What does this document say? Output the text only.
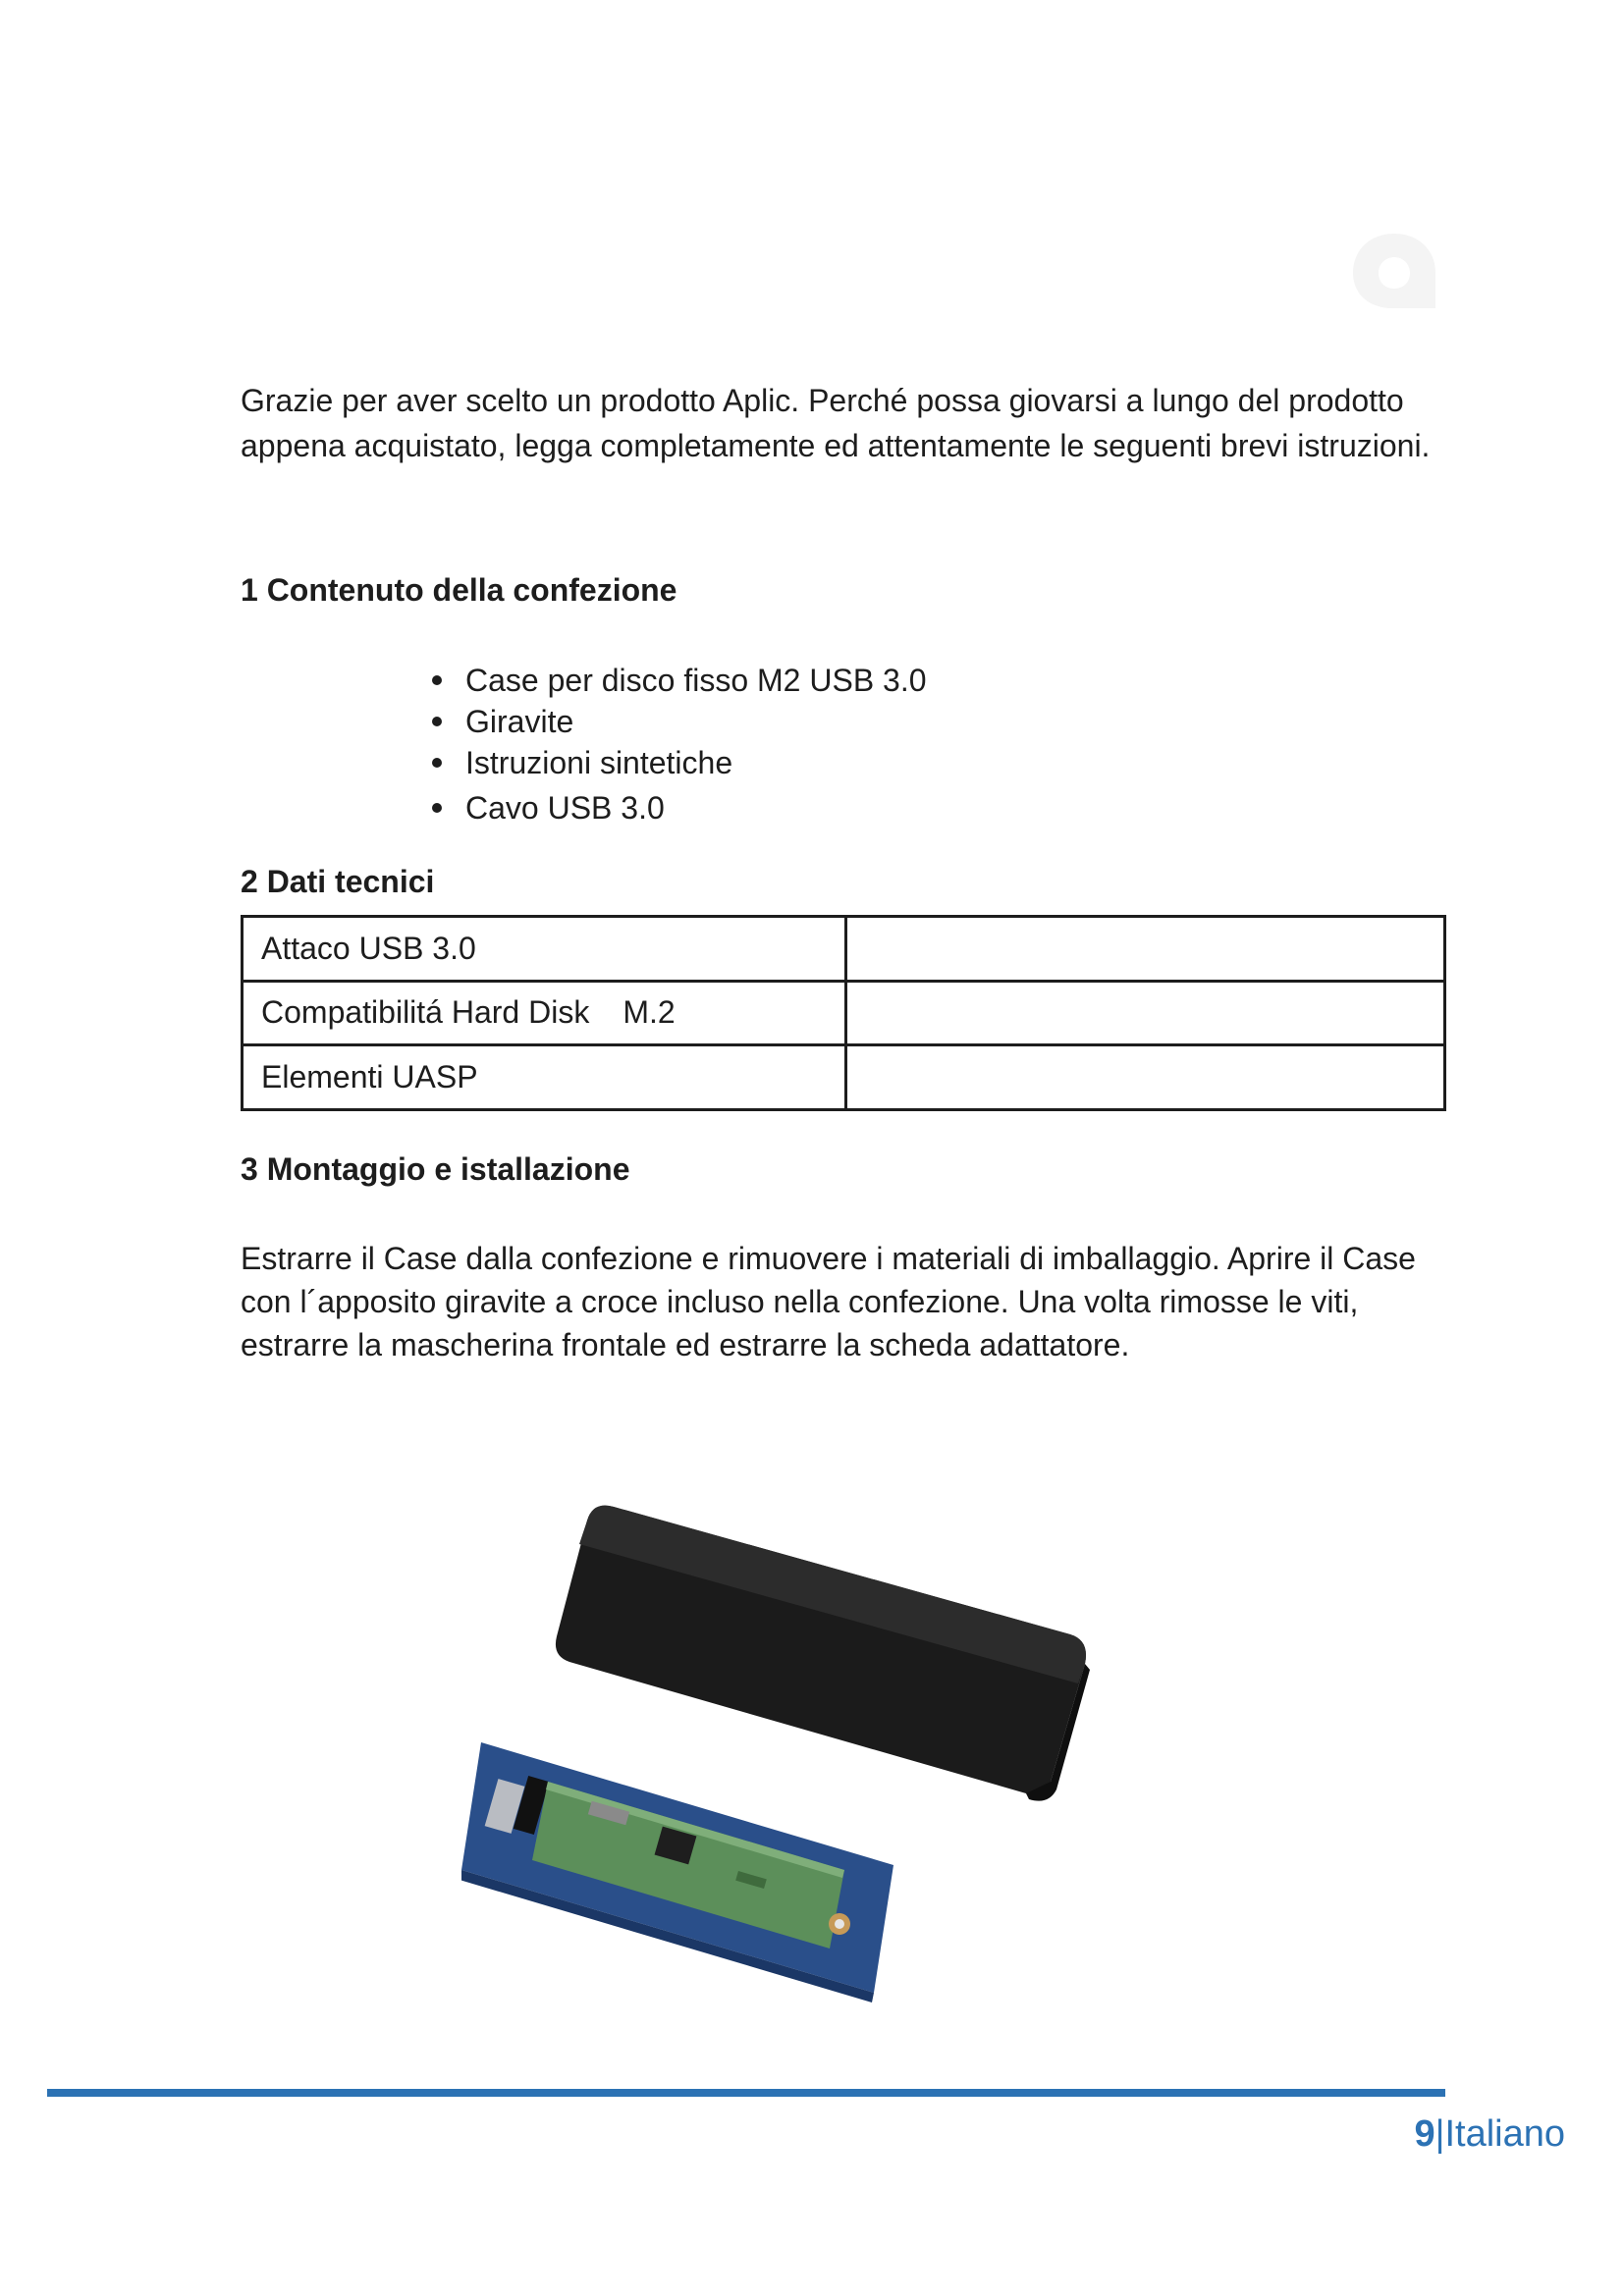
Grazie per aver scelto un prodotto Aplic. Perché possa giovarsi a lungo del prodotto appena acquistato, legga completamente ed attentamente le seguenti brevi istruzioni.

1 Contenuto della confezione
Case per disco fisso M2 USB 3.0
Giravite
Istruzioni sintetiche
Cavo USB 3.0
2 Dati tecnici
Attaco USB 3.0	
Compatibilitá Hard Disk M.2	
Elementi UASP	
3 Montaggio e istallazione

Estrarre il Case dalla confezione e rimuovere i materiali di imballaggio. Aprire il Case con l´apposito giravite a croce incluso nella confezione. Una volta rimosse le viti, estrarre la mascherina frontale ed estrarre la scheda adattatore.

9|Italiano
